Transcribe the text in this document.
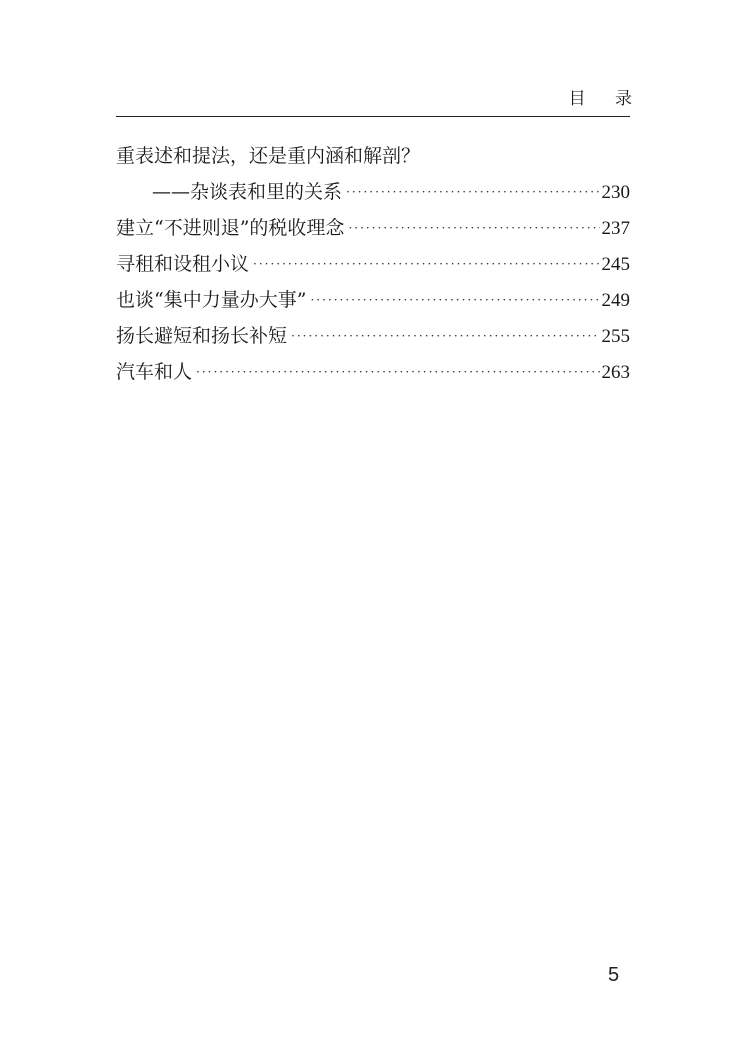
目 录
重表述和提法，还是重内涵和解剖？
——杂谈表和里的关系 ·····	230
建立“不进则退”的税收理念 ·····	237
寻租和设租小议 ·····	245
也谈“集中力量办大事” ·····	249
扬长避短和扬长补短 ·····	255
汽车和人 ·····	263
5
